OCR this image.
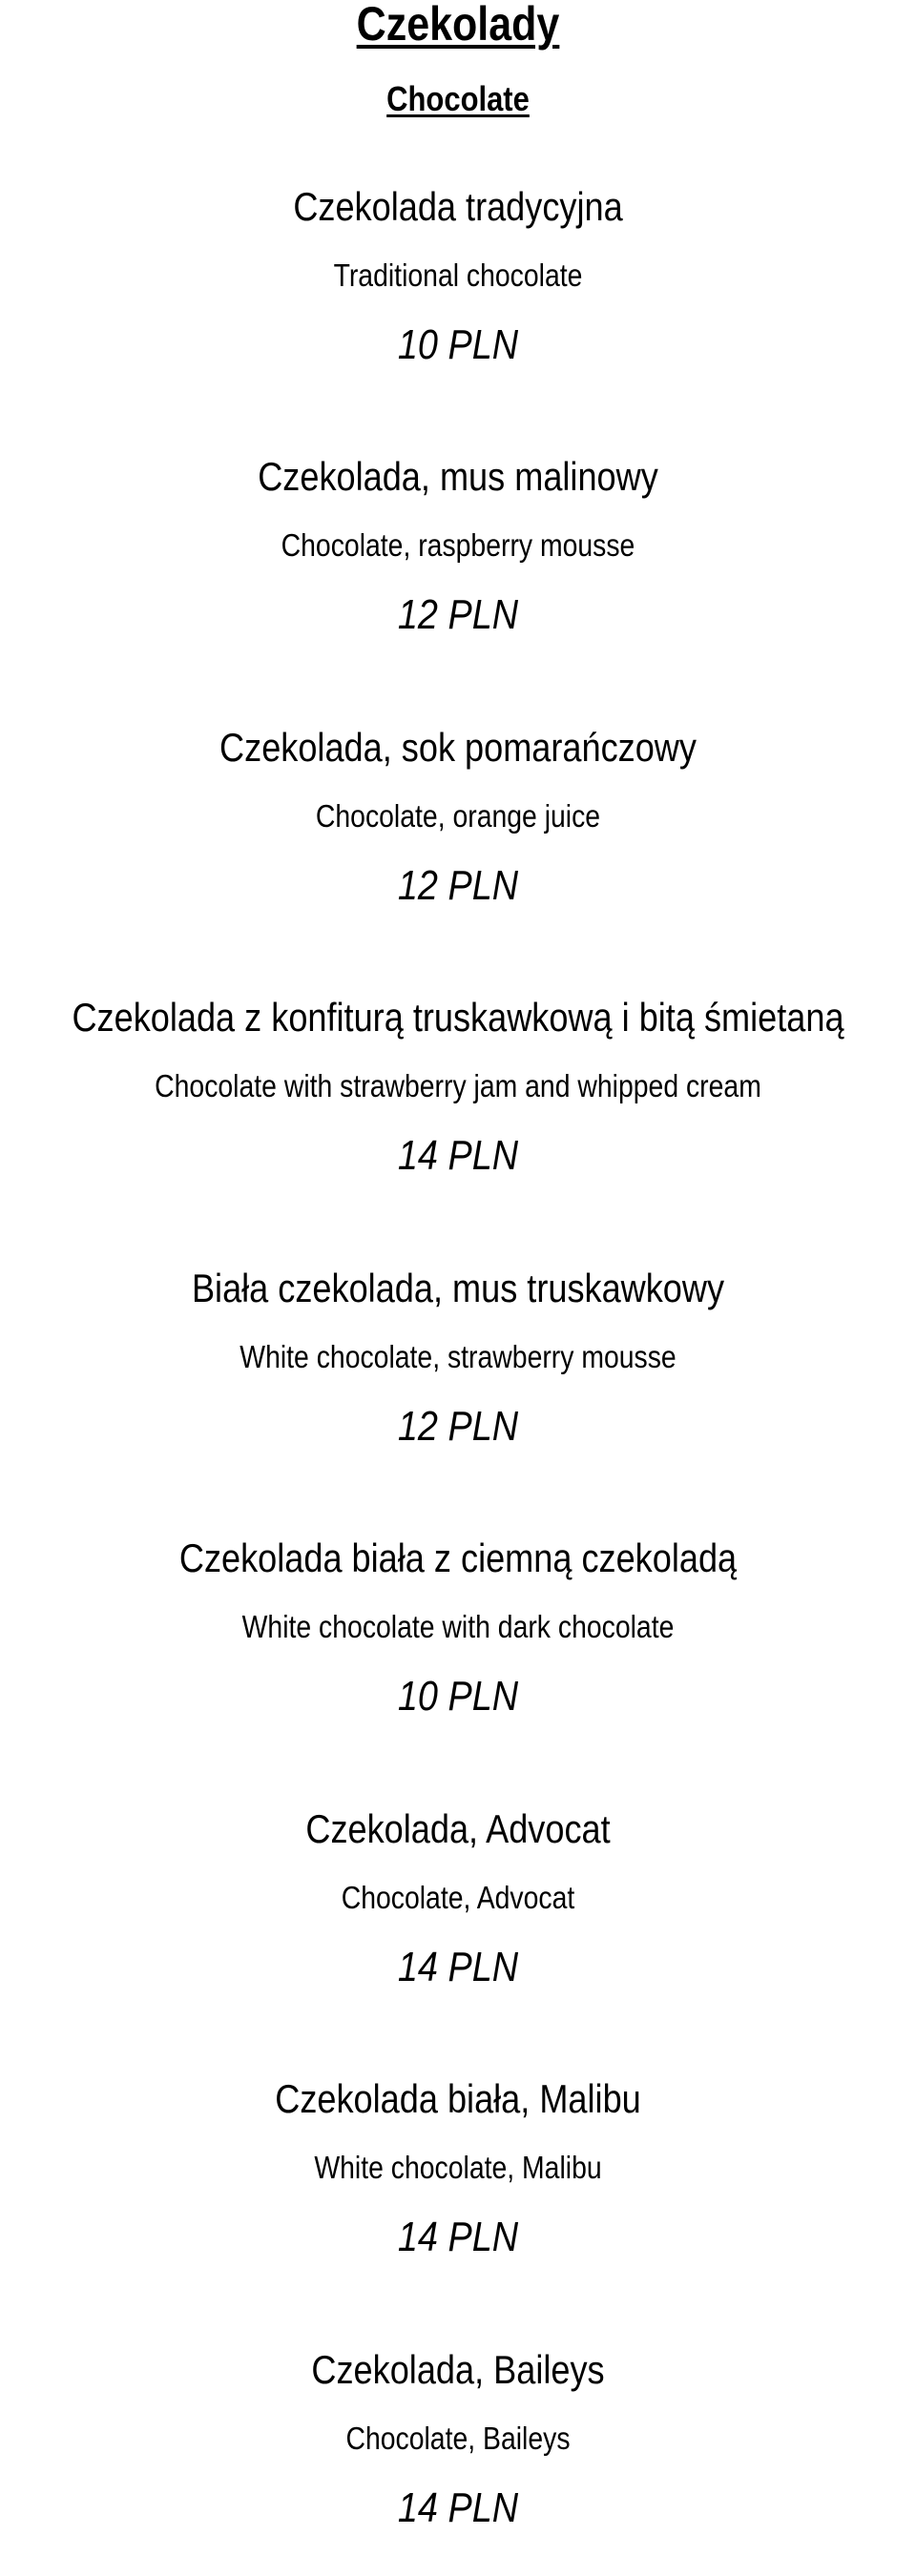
Czekolady
Chocolate
Czekolada tradycyjna
Traditional chocolate
10 PLN
Czekolada, mus malinowy
Chocolate, raspberry mousse
12 PLN
Czekolada, sok pomarańczowy
Chocolate, orange juice
12 PLN
Czekolada z konfiturą truskawkową i bitą śmietaną
Chocolate with strawberry jam and whipped cream
14 PLN
Biała czekolada, mus truskawkowy
White chocolate, strawberry mousse
12 PLN
Czekolada biała z ciemną czekoladą
White chocolate with dark chocolate
10 PLN
Czekolada, Advocat
Chocolate, Advocat
14 PLN
Czekolada biała, Malibu
White chocolate, Malibu
14 PLN
Czekolada, Baileys
Chocolate, Baileys
14 PLN
